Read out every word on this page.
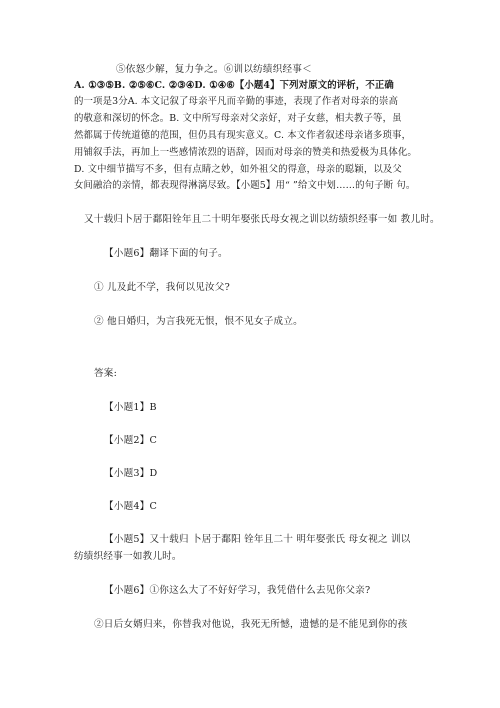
⑤依怒少解，复力争之。⑥训以纺绩织经事＜

A. ①③⑤B. ②⑤⑥C. ②③④D. ①④⑥【小题4】下列对原文的评析，不正确

的一项是3分A. 本文记叙了母亲平凡而辛勤的事迹，表现了作者对母亲的崇高

的敬意和深切的怀念。B. 文中所写母亲对父亲好，对子女慈，相夫教子等，虽

然都属于传统道德的范围，但仍具有现实意义。C. 本文作者叙述母亲诸多琐事，

用铺叙手法，再加上一些感情浓烈的语辞，因而对母亲的赞美和热爱极为具体化。

D. 文中细节描写不多，但有点睛之妙，如外祖父的得意，母亲的聪颖，以及父

女间融洽的亲情，都表现得淋漓尽致。【小题5】用“ ”给文中划……的句子断 句。

又十载归卜居于鄱阳铨年且二十明年娶张氏母女视之训以纺绩织经事一如 教儿时。

【小题6】翻译下面的句子。

① 儿及此不学，我何以见汝父?

② 他日婚归，为言我死无恨，恨不见女子成立。

答案:

【小题1】B

【小题2】C

【小题3】D

【小题4】C

【小题5】又十载归 卜居于鄱阳 铨年且二十 明年娶张氏 母女视之 训以

纺绩织经事一如教儿时。

【小题6】①你这么大了不好好学习，我凭借什么去见你父亲?

②日后女婿归来，你替我对他说，我死无所憾，遗憾的是不能见到你的孩
